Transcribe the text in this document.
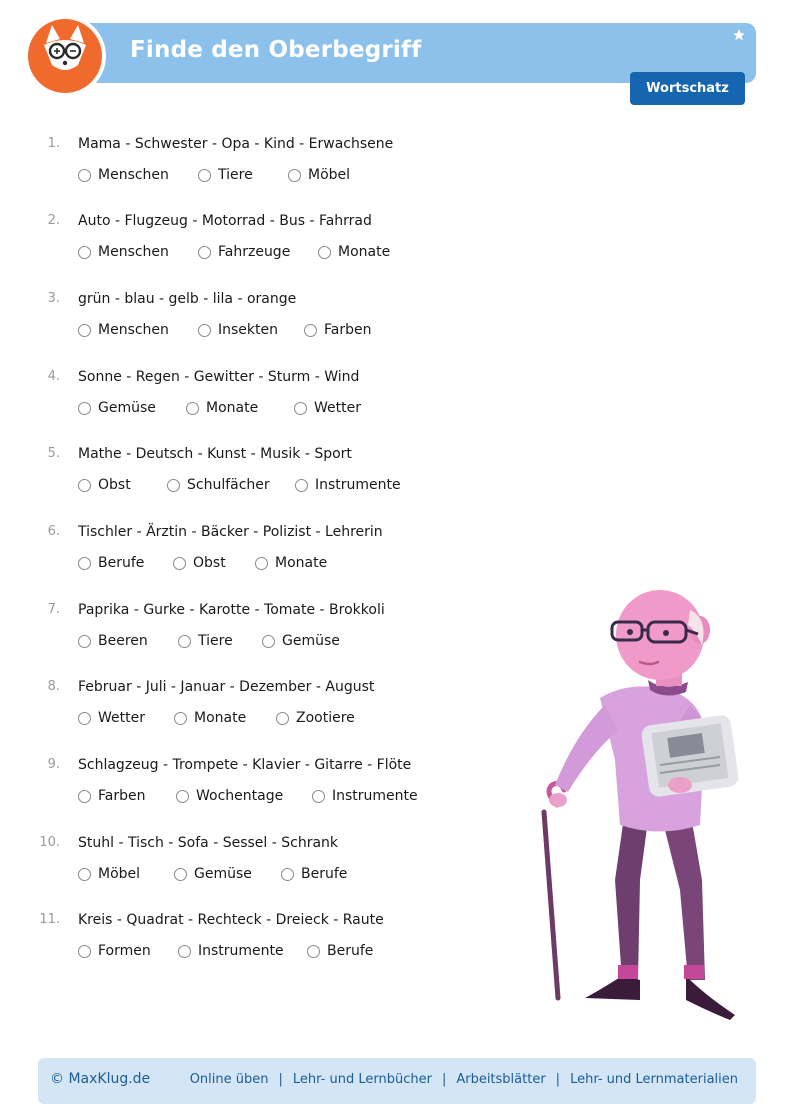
Finde den Oberbegriff
Wortschatz
1. Mama - Schwester - Opa - Kind - Erwachsene
Menschen	Tiere	Möbel
2. Auto - Flugzeug - Motorrad - Bus - Fahrrad
Menschen	Fahrzeuge	Monate
3. grün - blau - gelb - lila - orange
Menschen	Insekten	Farben
4. Sonne - Regen - Gewitter - Sturm - Wind
Gemüse	Monate	Wetter
5. Mathe - Deutsch - Kunst - Musik - Sport
Obst	Schulfächer	Instrumente
6. Tischler - Ärztin - Bäcker - Polizist - Lehrerin
Berufe	Obst	Monate
7. Paprika - Gurke - Karotte - Tomate - Brokkoli
Beeren	Tiere	Gemüse
8. Februar - Juli - Januar - Dezember - August
Wetter	Monate	Zootiere
9. Schlagzeug - Trompete - Klavier - Gitarre - Flöte
Farben	Wochentage	Instrumente
10. Stuhl - Tisch - Sofa - Sessel - Schrank
Möbel	Gemüse	Berufe
11. Kreis - Quadrat - Rechteck - Dreieck - Raute
Formen	Instrumente	Berufe
© MaxKlug.de	Online üben | Lehr- und Lernbücher | Arbeitsblätter | Lehr- und Lernmaterialien
